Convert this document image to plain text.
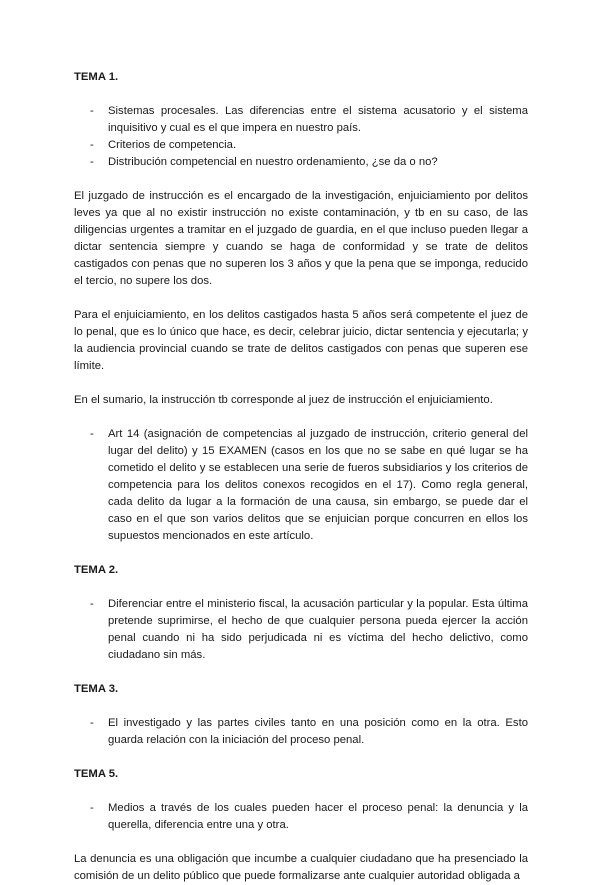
TEMA 1.
- Sistemas procesales. Las diferencias entre el sistema acusatorio y el sistema inquisitivo y cual es el que impera en nuestro país.
- Criterios de competencia.
- Distribución competencial en nuestro ordenamiento, ¿se da o no?

El juzgado de instrucción es el encargado de la investigación, enjuiciamiento por delitos leves ya que al no existir instrucción no existe contaminación, y tb en su caso, de las diligencias urgentes a tramitar en el juzgado de guardia, en el que incluso pueden llegar a dictar sentencia siempre y cuando se haga de conformidad y se trate de delitos castigados con penas que no superen los 3 años y que la pena que se imponga, reducido el tercio, no supere los dos.

Para el enjuiciamiento, en los delitos castigados hasta 5 años será competente el juez de lo penal, que es lo único que hace, es decir, celebrar juicio, dictar sentencia y ejecutarla; y la audiencia provincial cuando se trate de delitos castigados con penas que superen ese límite.

En el sumario, la instrucción tb corresponde al juez de instrucción el enjuiciamiento.

- Art 14 (asignación de competencias al juzgado de instrucción, criterio general del lugar del delito) y 15 EXAMEN (casos en los que no se sabe en qué lugar se ha cometido el delito y se establecen una serie de fueros subsidiarios y los criterios de competencia para los delitos conexos recogidos en el 17). Como regla general, cada delito da lugar a la formación de una causa, sin embargo, se puede dar el caso en el que son varios delitos que se enjuician porque concurren en ellos los supuestos mencionados en este artículo.
TEMA 2.
- Diferenciar entre el ministerio fiscal, la acusación particular y la popular. Esta última pretende suprimirse, el hecho de que cualquier persona pueda ejercer la acción penal cuando ni ha sido perjudicada ni es víctima del hecho delictivo, como ciudadano sin más.
TEMA 3.
- El investigado y las partes civiles tanto en una posición como en la otra. Esto guarda relación con la iniciación del proceso penal.
TEMA 5.
- Medios a través de los cuales pueden hacer el proceso penal: la denuncia y la querella, diferencia entre una y otra.

La denuncia es una obligación que incumbe a cualquier ciudadano que ha presenciado la comisión de un delito público que puede formalizarse ante cualquier autoridad obligada a
